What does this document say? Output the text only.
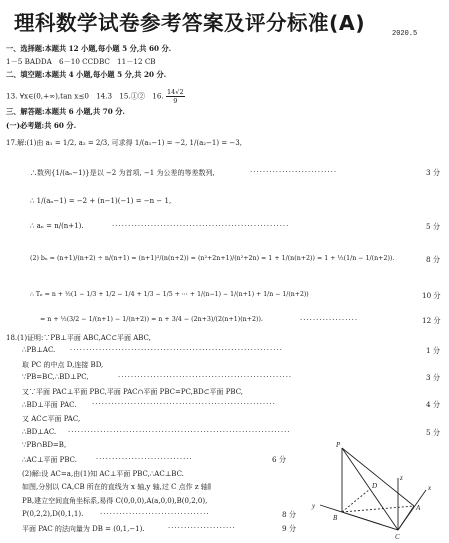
理科数学试卷参考答案及评分标准(A)	2020.5
一、选择题:本题共 12 小题,每小题 5 分,共 60 分.
1－5 BADDA　6－10 CCDBC　11－12 CB
二、填空题:本题共 4 小题,每小题 5 分,共 20 分.
13. ∀x∈(0,+∞),tan x≤0　14.3　15.①②　16. $\frac{14√2}{9}$
三、解答题:本题共 6 小题,共 70 分.
(一)必考题:共 60 分.
17.解:(1)由 a₁ = 1/2, a₂ = 2/3, 可求得 1/(a₁−1) = −2, 1/(a₂−1) = −3,
∴数列{1/(aₙ−1)}是以 −2 为首项, −1 为公差的等差数列,	···························	3 分
∴ 1/(aₙ−1) = −2 + (n−1)(−1) = −n − 1,
∴ aₙ = n/(n+1).	·······················································	5 分
(2) bₙ = (n+1)/(n+2) ÷ n/(n+1) = (n+1)²/(n(n+2)) = (n²+2n+1)/(n²+2n) = 1 + 1/(n(n+2)) = 1 + ½(1/n − 1/(n+2)).	8 分
∴ Tₙ = n + ½(1 − 1/3 + 1/2 − 1/4 + 1/3 − 1/5 + ⋯ + 1/(n−1) − 1/(n+1) + 1/n − 1/(n+2))	10 分
= n + ½(3/2 − 1/(n+1) − 1/(n+2)) = n + 3/4 − (2n+3)/(2(n+1)(n+2)).	··················	12 分
18.(1)证明:∵PB⊥平面 ABC,AC⊂平面 ABC,
∴PB⊥AC. ··································································	1 分
取 PC 的中点 D,连接 BD,
∵PB=BC,∴BD⊥PC,	······················································	3 分
又∵平面 PAC⊥平面 PBC,平面 PAC∩平面 PBC=PC,BD⊂平面 PBC,
∴BD⊥平面 PAC. ·························································	4 分
又 AC⊂平面 PAC,
∴BD⊥AC. ·····································································	5 分
∵PB∩BD=B,
∴AC⊥平面 PBC.	······························	6 分
(2)解:设 AC=a,由(1)知 AC⊥平面 PBC,∴AC⊥BC.
如图,分别以 CA,CB 所在的直线为 x 轴,y 轴,过 C 点作 z 轴∥
PB,建立空间直角坐标系,易得 C(0,0,0),A(a,0,0),B(0,2,0),
P(0,2,2),D(0,1,1). ··································	8 分
平面 PAC 的法向量为 DB = (0,1,−1).	·····················	9 分
P
D
B
A
C
x
y
z
